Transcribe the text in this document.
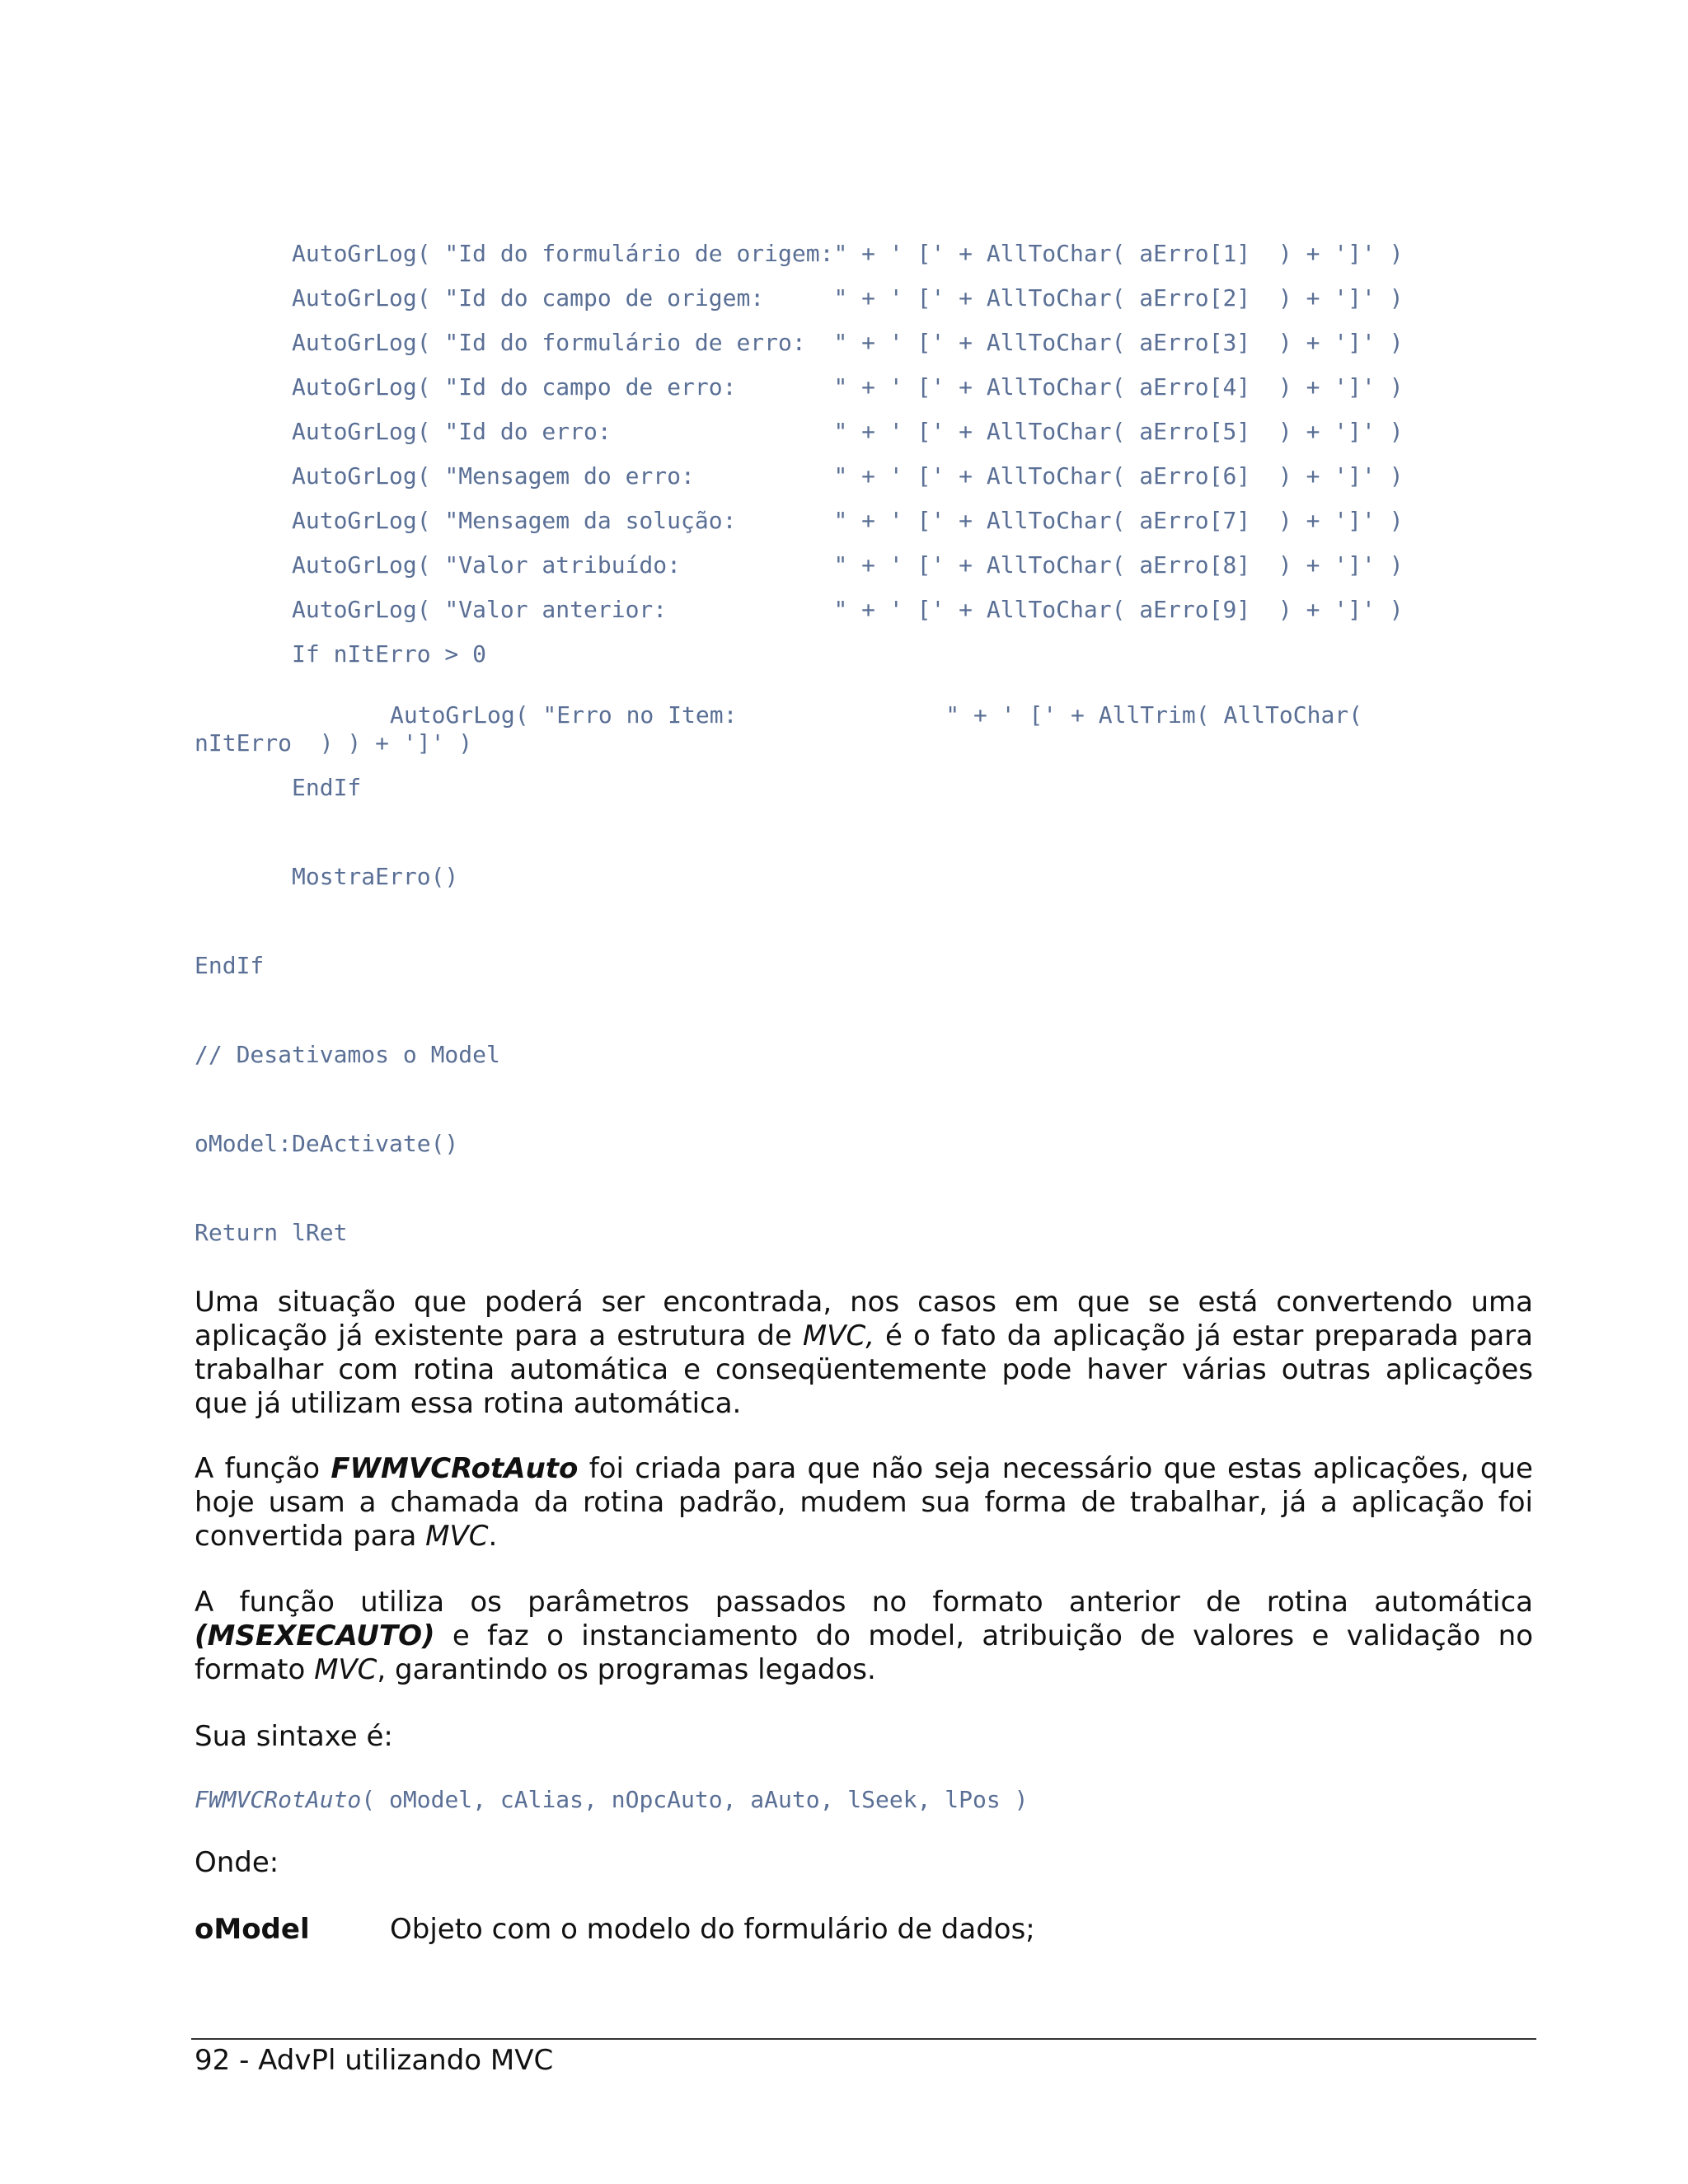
AutoGrLog( "Id do formulário de origem:" + ' [' + AllToChar( aErro[1]  ) + ']' )
AutoGrLog( "Id do campo de origem:     " + ' [' + AllToChar( aErro[2]  ) + ']' )
AutoGrLog( "Id do formulário de erro:  " + ' [' + AllToChar( aErro[3]  ) + ']' )
AutoGrLog( "Id do campo de erro:       " + ' [' + AllToChar( aErro[4]  ) + ']' )
AutoGrLog( "Id do erro:                " + ' [' + AllToChar( aErro[5]  ) + ']' )
AutoGrLog( "Mensagem do erro:          " + ' [' + AllToChar( aErro[6]  ) + ']' )
AutoGrLog( "Mensagem da solução:       " + ' [' + AllToChar( aErro[7]  ) + ']' )
AutoGrLog( "Valor atribuído:           " + ' [' + AllToChar( aErro[8]  ) + ']' )
AutoGrLog( "Valor anterior:            " + ' [' + AllToChar( aErro[9]  ) + ']' )
If nItErro > 0
AutoGrLog( "Erro no Item:               " + ' [' + AllTrim( AllToChar(
nItErro  ) ) + ']' )
EndIf
MostraErro()
EndIf
// Desativamos o Model
oModel:DeActivate()
Return lRet
Uma situação que poderá ser encontrada, nos casos em que se está convertendo uma aplicação já existente para a estrutura de MVC, é o fato da aplicação já estar preparada para trabalhar com rotina automática e conseqüentemente pode haver várias outras aplicações que já utilizam essa rotina automática.
A função FWMVCRotAuto foi criada para que não seja necessário que estas aplicações, que hoje usam a chamada da rotina padrão, mudem sua forma de trabalhar, já a aplicação foi convertida para MVC.
A função utiliza os parâmetros passados no formato anterior de rotina automática (MSEXECAUTO) e faz o instanciamento do model, atribuição de valores e validação no formato MVC, garantindo os programas legados.
Sua sintaxe é:
FWMVCRotAuto( oModel, cAlias, nOpcAuto, aAuto, lSeek, lPos )
Onde:
oModel	Objeto com o modelo do formulário de dados;
92 - AdvPl utilizando MVC
